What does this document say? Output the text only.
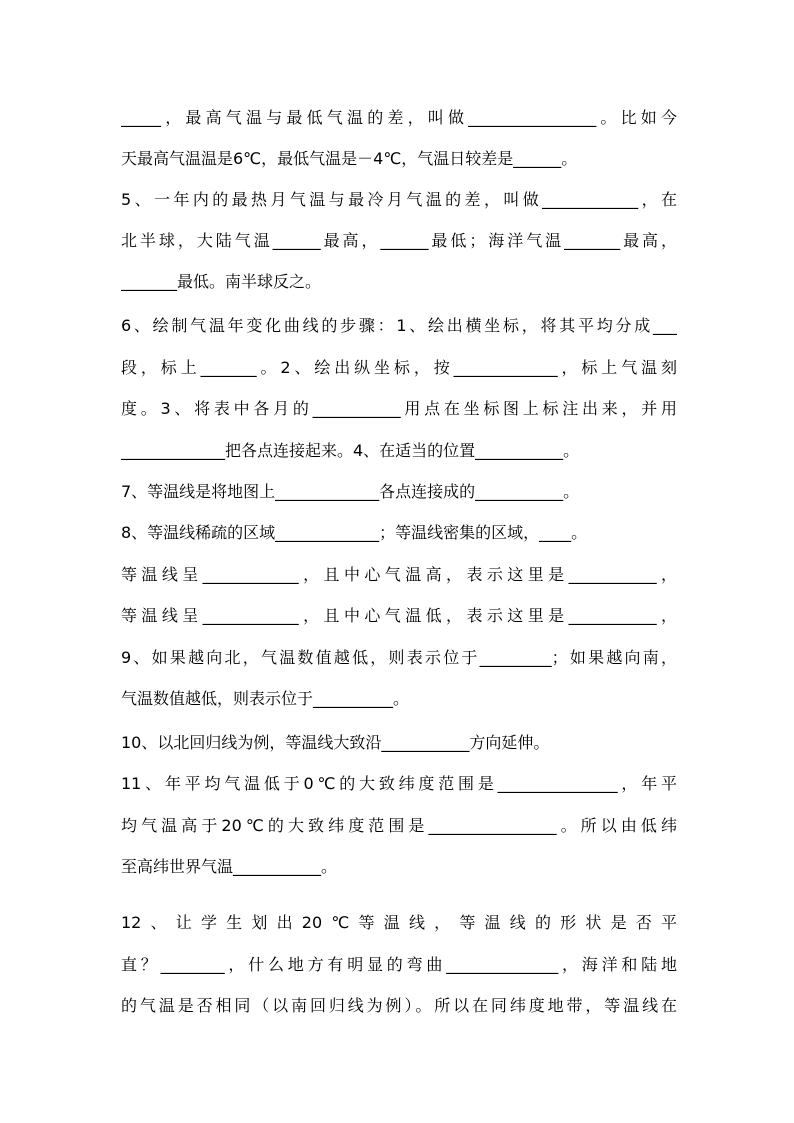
_____，最高气温与最低气温的差，叫做________________。比如今
天最高气温温是6℃，最低气温是－4℃，气温日较差是______。
5、一年内的最热月气温与最冷月气温的差，叫做____________，在
北半球，大陆气温______最高，______最低；海洋气温_______最高，
_______最低。南半球反之。
6、绘制气温年变化曲线的步骤：1、绘出横坐标，将其平均分成___
段，标上_______。2、绘出纵坐标，按_____________，标上气温刻
度。3、将表中各月的___________用点在坐标图上标注出来，并用
_____________把各点连接起来。4、在适当的位置___________。
7、等温线是将地图上_____________各点连接成的___________。
8、等温线稀疏的区域_____________；等温线密集的区域，____。
等温线呈____________，且中心气温高，表示这里是___________，
等温线呈____________，且中心气温低，表示这里是___________，
9、如果越向北，气温数值越低，则表示位于_________；如果越向南，
气温数值越低，则表示位于__________。
10、以北回归线为例，等温线大致沿___________方向延伸。
11、年平均气温低于0℃的大致纬度范围是_______________，年平
均气温高于20℃的大致纬度范围是________________。所以由低纬
至高纬世界气温___________。
12、让学生划出20℃等温线，等温线的形状是否平
直？________，什么地方有明显的弯曲______________，海洋和陆地
的气温是否相同（以南回归线为例）。所以在同纬度地带，等温线在
